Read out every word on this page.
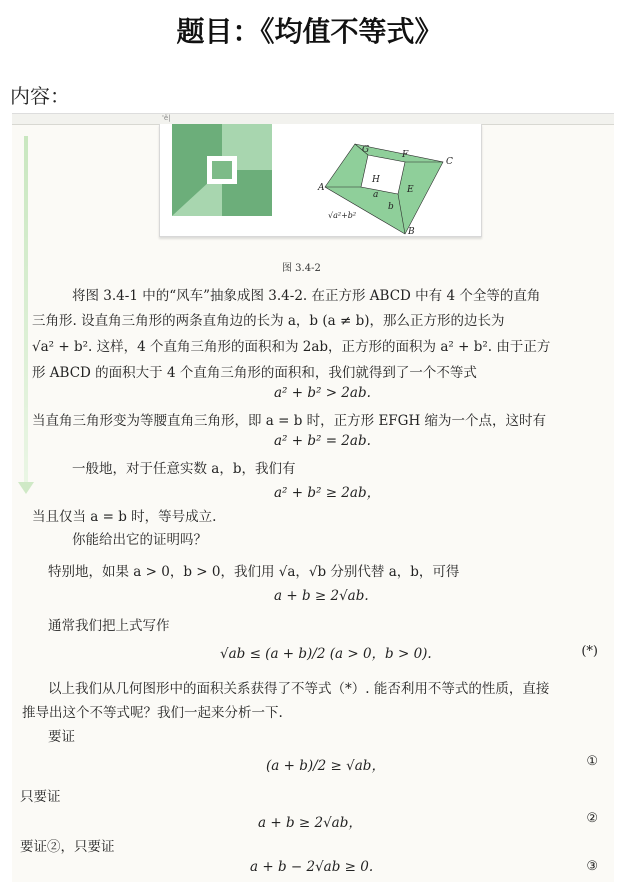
题目：《均值不等式》
内容：
'ĕ|
G	F
C
H
A	E
B
a
b
√a²+b²
图 3.4-2
将图 3.4-1 中的“风车”抽象成图 3.4-2. 在正方形 ABCD 中有 4 个全等的直角
三角形. 设直角三角形的两条直角边的长为 a，b (a ≠ b)，那么正方形的边长为
√a² + b². 这样，4 个直角三角形的面积和为 2ab，正方形的面积为 a² + b². 由于正方
形 ABCD 的面积大于 4 个直角三角形的面积和，我们就得到了一个不等式
a² + b² > 2ab.
当直角三角形变为等腰直角三角形，即 a = b 时，正方形 EFGH 缩为一个点，这时有
a² + b² = 2ab.
一般地，对于任意实数 a，b，我们有
a² + b² ≥ 2ab，
当且仅当 a = b 时，等号成立.
你能给出它的证明吗？
特别地，如果 a > 0，b > 0，我们用 √a，√b 分别代替 a，b，可得
a + b ≥ 2√ab.
通常我们把上式写作
√ab ≤ (a + b)/2 (a > 0，b > 0).	(*)
以上我们从几何图形中的面积关系获得了不等式（*）. 能否利用不等式的性质，直接
推导出这个不等式呢？我们一起来分析一下.
要证
(a + b)/2 ≥ √ab，	①
只要证
a + b ≥ 2√ab，	②
要证②，只要证
a + b − 2√ab ≥ 0.	③
